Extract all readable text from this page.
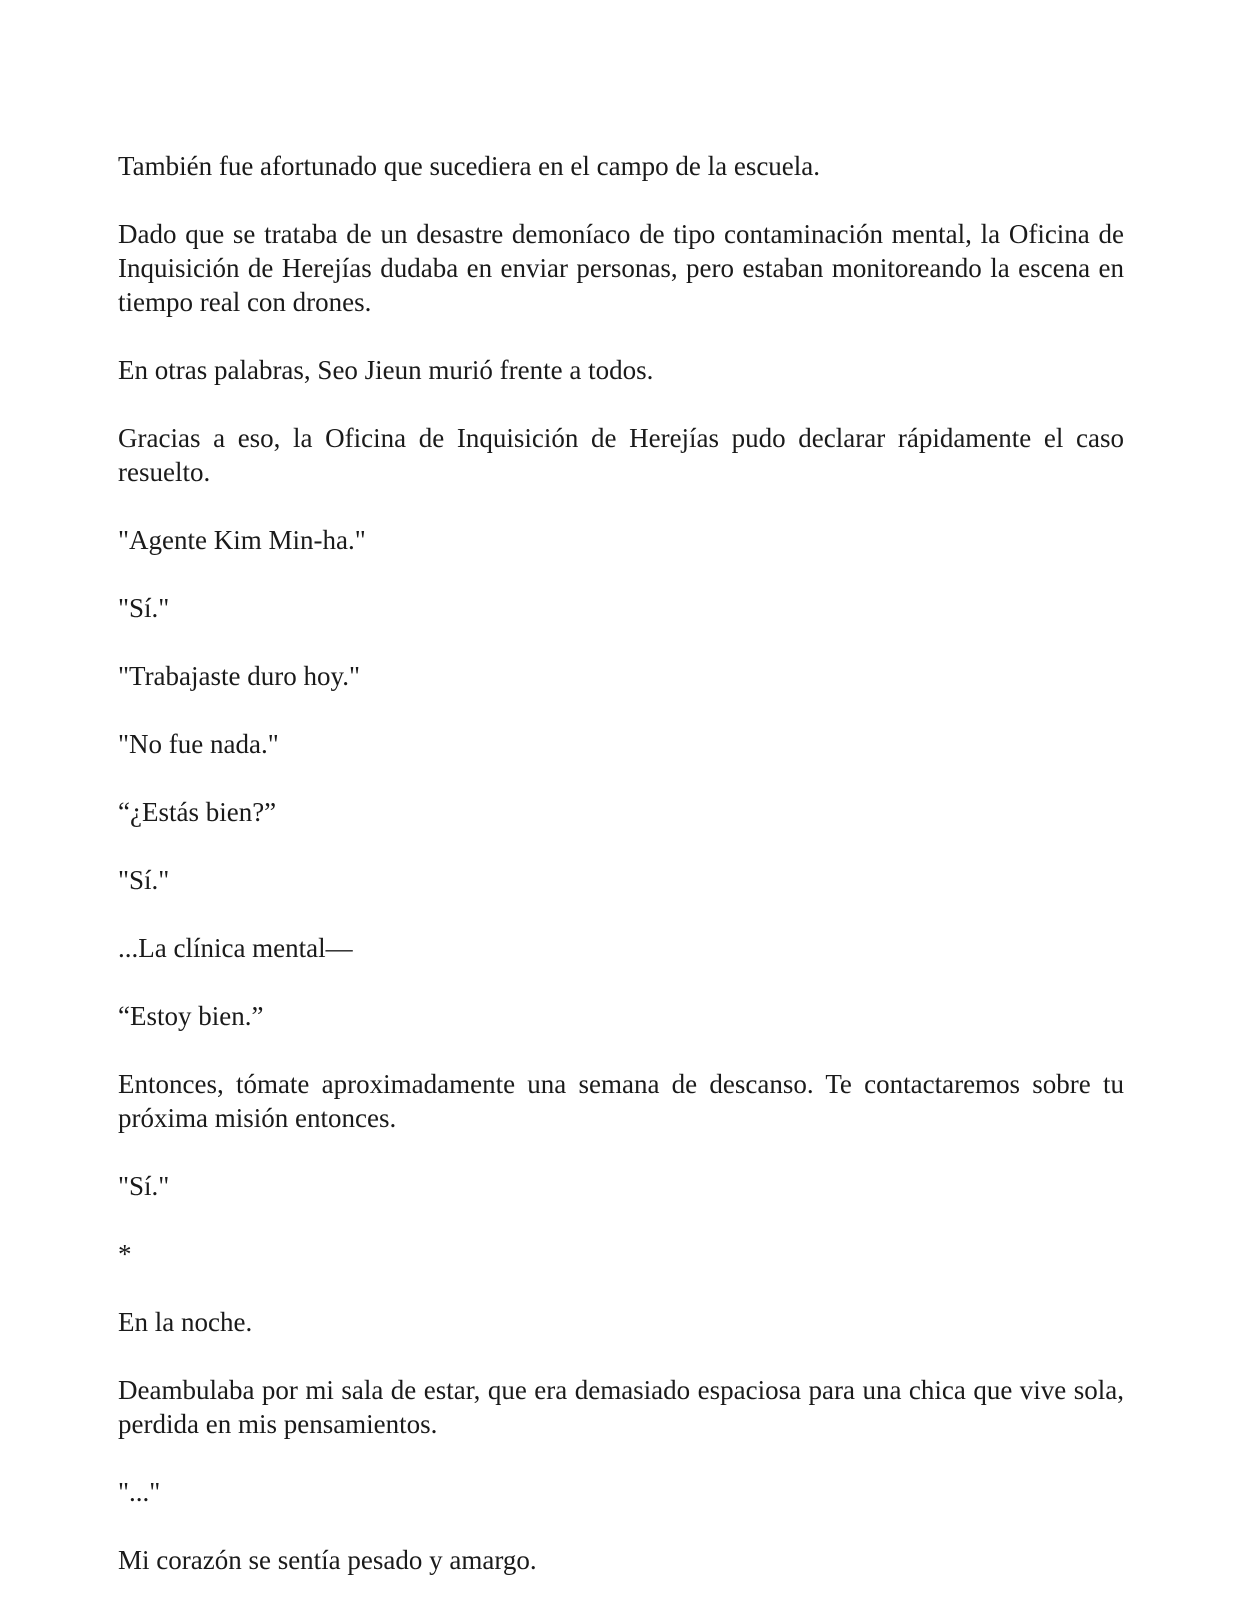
También fue afortunado que sucediera en el campo de la escuela.

Dado que se trataba de un desastre demoníaco de tipo contaminación mental, la Oficina de Inquisición de Herejías dudaba en enviar personas, pero estaban monitoreando la escena en tiempo real con drones.

En otras palabras, Seo Jieun murió frente a todos.

Gracias a eso, la Oficina de Inquisición de Herejías pudo declarar rápidamente el caso resuelto.

"Agente Kim Min-ha."

"Sí."

"Trabajaste duro hoy."

"No fue nada."

“¿Estás bien?”

"Sí."

...La clínica mental—

“Estoy bien.”

Entonces, tómate aproximadamente una semana de descanso. Te contactaremos sobre tu próxima misión entonces.

"Sí."

*

En la noche.

Deambulaba por mi sala de estar, que era demasiado espaciosa para una chica que vive sola, perdida en mis pensamientos.

"..."

Mi corazón se sentía pesado y amargo.
